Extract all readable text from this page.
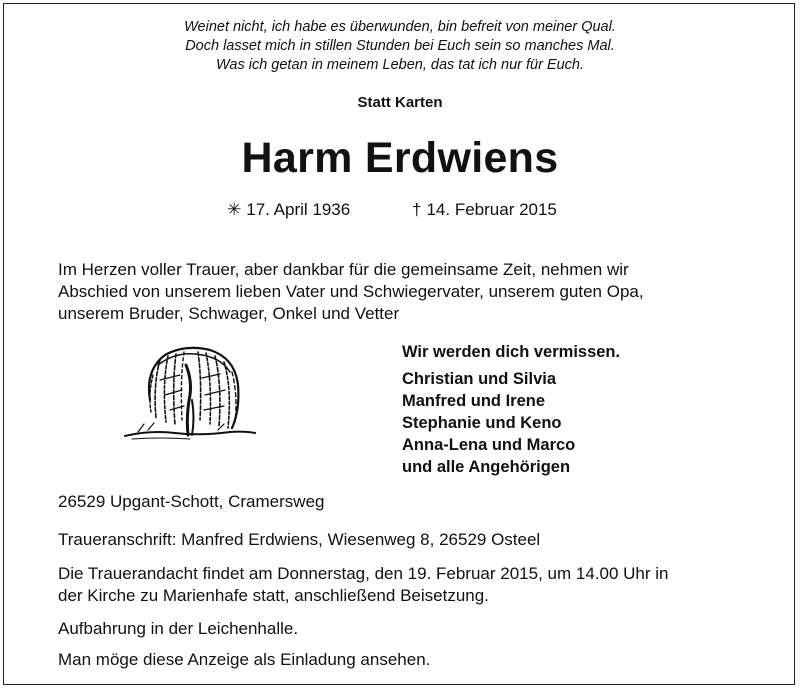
Weinet nicht, ich habe es überwunden, bin befreit von meiner Qual.
Doch lasset mich in stillen Stunden bei Euch sein so manches Mal.
Was ich getan in meinem Leben, das tat ich nur für Euch.
Statt Karten
Harm Erdwiens
✳ 17. April 1936	† 14. Februar 2015
Im Herzen voller Trauer, aber dankbar für die gemeinsame Zeit, nehmen wir
Abschied von unserem lieben Vater und Schwiegervater, unserem guten Opa,
unserem Bruder, Schwager, Onkel und Vetter
Wir werden dich vermissen.
Christian und Silvia
Manfred und Irene
Stephanie und Keno
Anna-Lena und Marco
und alle Angehörigen
26529 Upgant-Schott, Cramersweg
Traueranschrift: Manfred Erdwiens, Wiesenweg 8, 26529 Osteel
Die Trauerandacht findet am Donnerstag, den 19. Februar 2015, um 14.00 Uhr in
der Kirche zu Marienhafe statt, anschließend Beisetzung.
Aufbahrung in der Leichenhalle.
Man möge diese Anzeige als Einladung ansehen.
